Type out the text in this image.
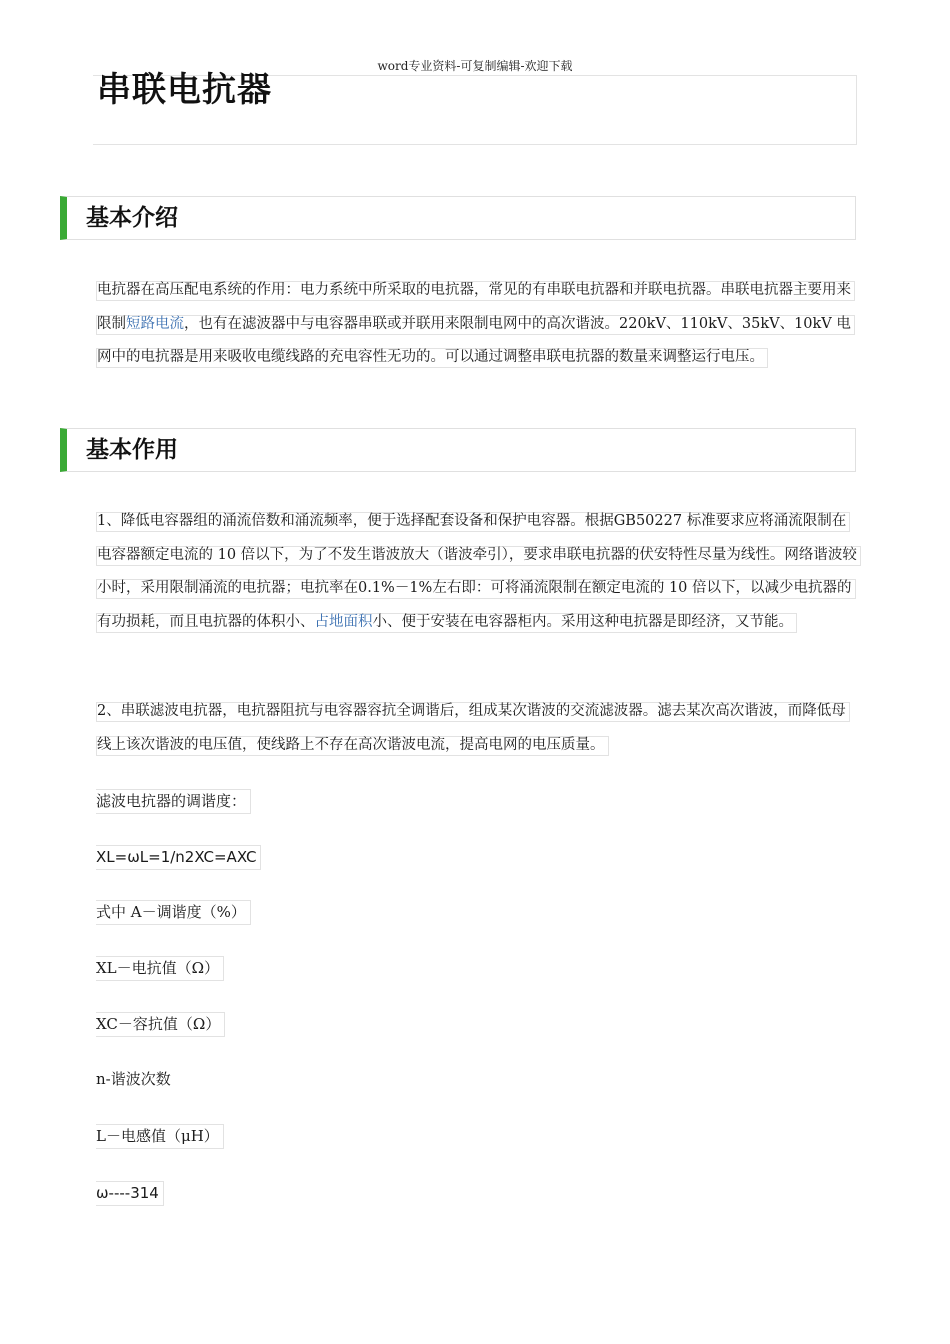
word专业资料-可复制编辑-欢迎下载
串联电抗器
基本介绍
电抗器在高压配电系统的作用：电力系统中所采取的电抗器，常见的有串联电抗器和并联电抗器。串联电抗器主要用来限制短路电流，也有在滤波器中与电容器串联或并联用来限制电网中的高次谐波。220kV、110kV、35kV、10kV 电网中的电抗器是用来吸收电缆线路的充电容性无功的。可以通过调整串联电抗器的数量来调整运行电压。
基本作用
1、降低电容器组的涌流倍数和涌流频率，便于选择配套设备和保护电容器。根据GB50227 标准要求应将涌流限制在电容器额定电流的 10 倍以下，为了不发生谐波放大（谐波牵引），要求串联电抗器的伏安特性尽量为线性。网络谐波较小时，采用限制涌流的电抗器；电抗率在0.1%－1%左右即：可将涌流限制在额定电流的 10 倍以下，以减少电抗器的有功损耗，而且电抗器的体积小、占地面积小、便于安装在电容器柜内。采用这种电抗器是即经济，又节能。
2、串联滤波电抗器，电抗器阻抗与电容器容抗全调谐后，组成某次谐波的交流滤波器。滤去某次高次谐波，而降低母线上该次谐波的电压值，使线路上不存在高次谐波电流，提高电网的电压质量。
滤波电抗器的调谐度：
XL=ωL=1/n2XC=AXC
式中 A－调谐度（%）
XL－电抗值（Ω）
XC－容抗值（Ω）
n-谐波次数
L－电感值（μH）
ω----314
